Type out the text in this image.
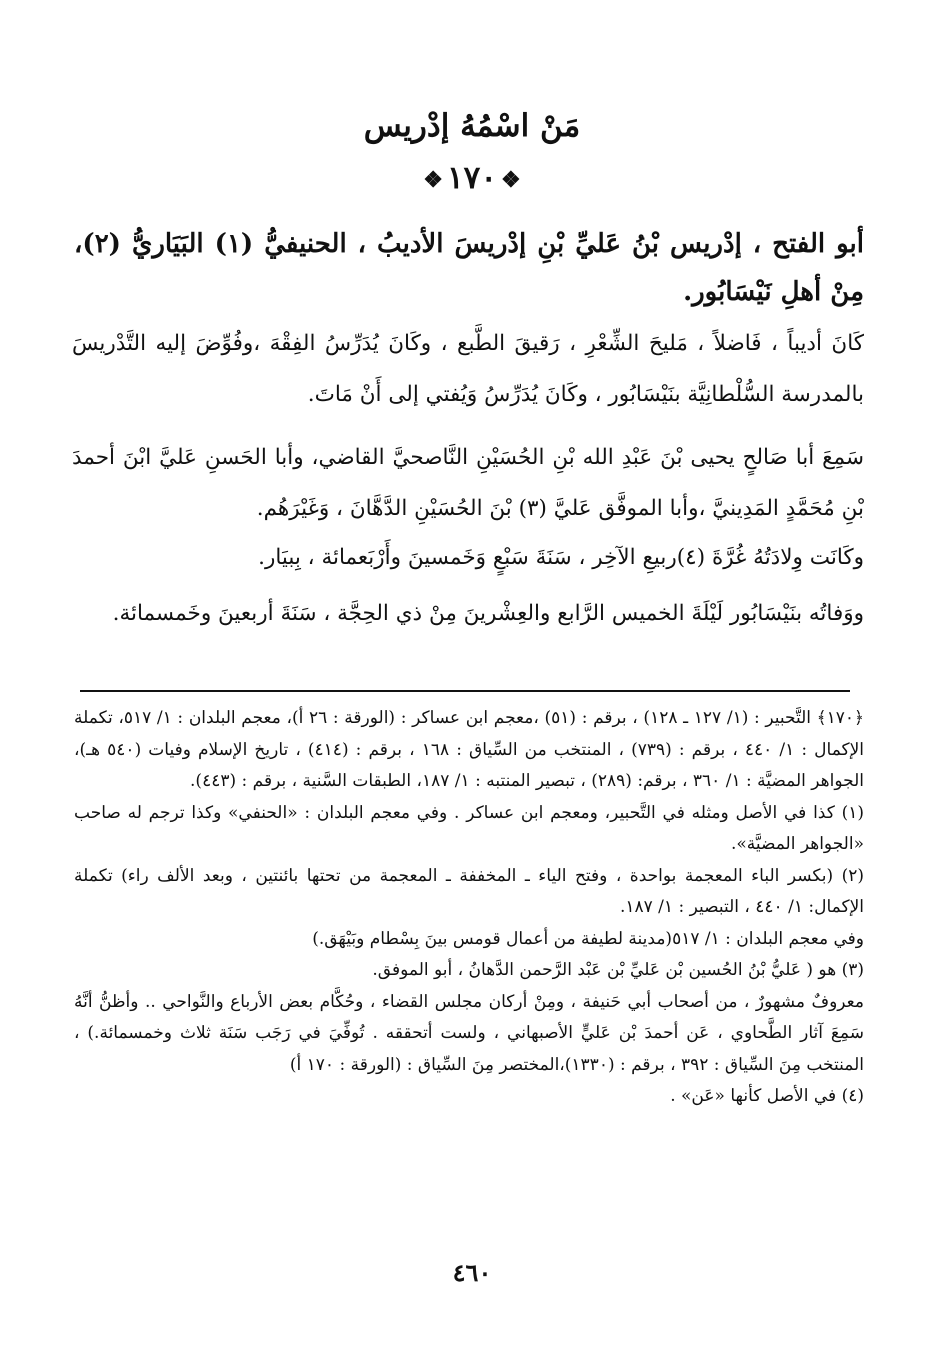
مَنْ اسْمُهُ إدْريس
❖١٧٠❖
أبو الفتح ، إدْريس بْنُ عَليِّ بْنِ إدْريسَ الأديبُ ، الحنيفيُّ (١) البَيَاريُّ (٢)، مِنْ أهلِ نَيْسَابُور.
كَانَ أديباً ، فَاضلاً ، مَليحَ الشِّعْرِ ، رَقيقَ الطَّبع ، وكَانَ يُدَرِّسُ الفِقْهَ ،وفُوِّضَ إليه التَّدْريسَ بالمدرسة السُّلْطانِيَّة بنَيْسَابُور ، وكَانَ يُدَرِّسُ وَيُفتي إلى أَنْ مَاتَ.
سَمِعَ أبا صَالحٍ يحيى بْنَ عَبْدِ الله بْنِ الحُسَيْنِ النَّاصحيَّ القاضي، وأبا الحَسنِ عَليَّ ابْنَ أحمدَ بْنِ مُحَمَّدٍ المَدِينيَّ ،وأبا الموفَّق عَليَّ (٣) بْنَ الحُسَيْنِ الدَّهَّانَ ، وَغَيْرَهُم.
وكَانَت وِلادَتُهُ غُرَّةَ (٤)ربيعِ الآخِر ، سَنَةَ سَبْعٍ وَخَمسينَ وأَرْبَعمائة ، بِبيَار.
ووَفاتُه بنَيْسَابُور لَيْلَةَ الخميس الرَّابع والعِشْرينَ مِنْ ذي الحِجَّة ، سَنَةَ أربعينَ وخَمسمائة.

﴿١٧٠﴾ التَّحبير : (١/ ١٢٧ ـ ١٢٨) ، برقم : (٥١) ،معجم ابن عساكر : (الورقة : ٢٦ أ)، معجم البلدان : ١/ ٥١٧، تكملة الإكمال : ١/ ٤٤٠ ، برقم : (٧٣٩) ، المنتخب من السِّياق : ١٦٨ ، برقم : (٤١٤) ، تاريخ الإسلام وفيات (٥٤٠ هـ)، الجواهر المضيَّة : ١/ ٣٦٠ ، برقم: (٢٨٩) ، تبصير المنتبه : ١/ ١٨٧، الطبقات السَّنية ، برقم : (٤٤٣).

(١) كذا في الأصل ومثله في التَّحبير، ومعجم ابن عساكر . وفي معجم البلدان : «الحنفي» وكذا ترجم له صاحب «الجواهر المضيَّة».

(٢) (بكسر الباء المعجمة بواحدة ، وفتح الياء ـ المخففة ـ المعجمة من تحتها بائنتين ، وبعد الألف راء) تكملة الإكمال: ١/ ٤٤٠ ، التبصير : ١/ ١٨٧.

وفي معجم البلدان : ١/ ٥١٧(مدينة لطيفة من أعمال قومس بينَ بِسْطام وبَيْهَق.)

(٣) هو ( عَليُّ بْنُ الحُسين بْن عَليِّ بْن عَبْد الرَّحمن الدَّهانُ ، أبو الموفق.

معروفٌ مشهورٌ ، من أصحاب أبي حَنيفة ، ومِنْ أركان مجلس القضاء ، وحُكَّام بعض الأرباع والنَّواحي .. وأظنُّ أنَّهُ سَمِعَ آثار الطَّحاوي ، عَن أحمدَ بْن عَليٍّ الأصبهاني ، ولست أتحققه . تُوفِّيَ في رَجَب سَنَة ثلاث وخمسمائة.) ، المنتخب مِنَ السِّياق : ٣٩٢ ، برقم : (١٣٣٠)،المختصر مِنَ السِّياق : (الورقة : ١٧٠ أ)

(٤) في الأصل كأنها «عَن» .

٤٦٠
